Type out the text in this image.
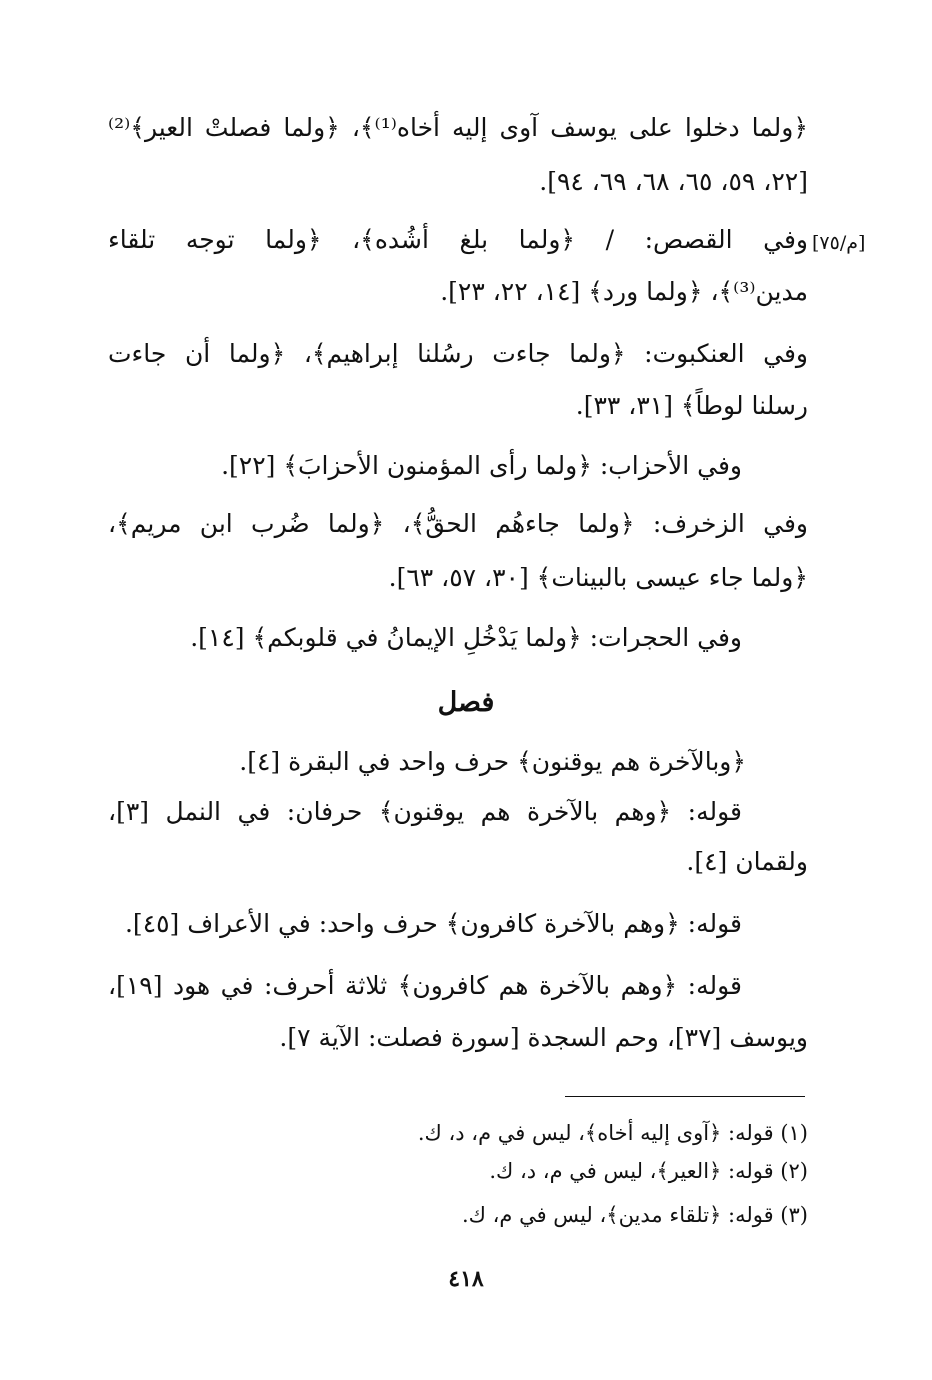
[م/٧٥]
﴿ولما دخلوا على يوسف آوى إليه أخاه⁽¹⁾﴾، ﴿ولما فصلتْ العير﴾⁽²⁾
[٢٢، ٥٩، ٦٥، ٦٨، ٦٩، ٩٤].
وفي القصص: / ﴿ولما بلغ أشُده﴾، ﴿ولما توجه تلقاء
مدين⁽³⁾﴾، ﴿ولما ورد﴾ [١٤، ٢٢، ٢٣].
وفي العنكبوت: ﴿ولما جاءت رسُلنا إبراهيم﴾، ﴿ولما أن جاءت
رسلنا لوطاً﴾ [٣١، ٣٣].
وفي الأحزاب: ﴿ولما رأى المؤمنون الأحزابَ﴾ [٢٢].
وفي الزخرف: ﴿ولما جاءهُم الحقُّ﴾، ﴿ولما ضُرب ابن مريم﴾،
﴿ولما جاء عيسى بالبينات﴾ [٣٠، ٥٧، ٦٣].
وفي الحجرات: ﴿ولما يَدْخُلِ الإيمانُ في قلوبكم﴾ [١٤].
﴿وبالآخرة هم يوقنون﴾ حرف واحد في البقرة [٤].
قوله: ﴿وهم بالآخرة هم يوقنون﴾ حرفان: في النمل [٣]،
ولقمان [٤].
قوله: ﴿وهم بالآخرة كافرون﴾ حرف واحد: في الأعراف [٤٥].
قوله: ﴿وهم بالآخرة هم كافرون﴾ ثلاثة أحرف: في هود [١٩]،
ويوسف [٣٧]، وحم السجدة [سورة فصلت: الآية ٧].
فصل
(١) قوله: ﴿آوى إليه أخاه﴾، ليس في م، د، ك.
(٢) قوله: ﴿العير﴾، ليس في م، د، ك.
(٣) قوله: ﴿تلقاء مدين﴾، ليس في م، ك.
٤١٨
